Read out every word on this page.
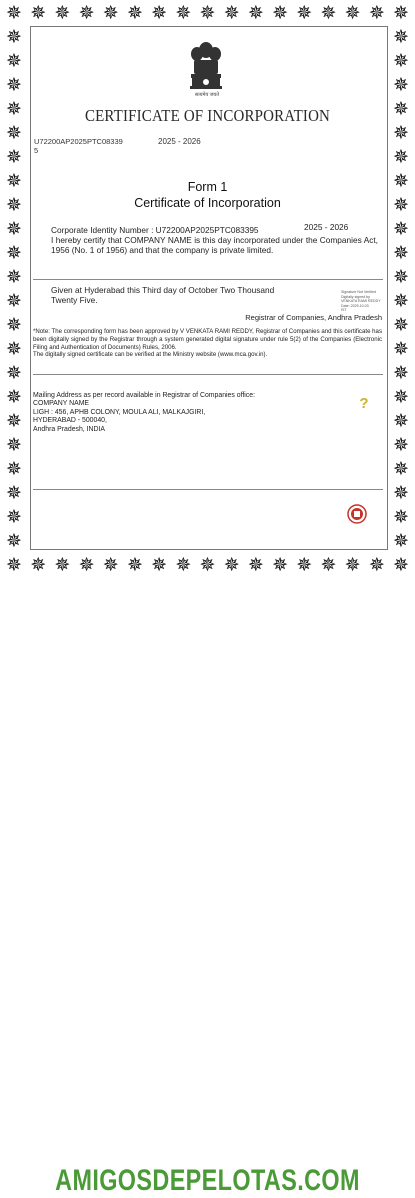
✵
✵
✵
✵
✵
✵
✵
✵
✵
✵
✵
✵
✵
✵
✵
✵
✵
✵
✵
✵
✵
✵
✵
✵
✵
✵
✵
✵
✵
✵
✵
✵
✵
✵
✵	✵
✵	✵
✵	✵
✵	✵
✵	✵
✵	✵
✵	✵
✵	✵
✵	✵
✵	✵
✵	✵
✵	✵
✵	✵
✵	✵
✵	✵
✵	✵
✵	✵
✵	✵
✵	✵
✵	✵
✵	✵
✵	✵
सत्यमेव जयते
CERTIFICATE OF INCORPORATION
U72200AP2025PTC08339
5
2025 - 2026
Form 1
Certificate of Incorporation
Corporate Identity Number : U72200AP2025PTC083395	2025 - 2026
I hereby certify that COMPANY NAME is this day incorporated under the Companies Act, 1956 (No. 1 of 1956) and that the company is private limited.
Given at Hyderabad this Third day of October Two Thousand Twenty Five.
Signature Not Verified
Digitally signed by
VENKATA RAMI REDDY
Date: 2025.10.03
IST
Registrar of Companies, Andhra Pradesh
*Note: The corresponding form has been approved by V VENKATA RAMI REDDY, Registrar of Companies and this certificate has been digitally signed by the Registrar through a system generated digital signature under rule 5(2) of the Companies (Electronic Filing and Authentication of Documents) Rules, 2006.
The digitally signed certificate can be verified at the Ministry website (www.mca.gov.in).
Mailing Address as per record available in Registrar of Companies office:
COMPANY NAME
LIGH : 456, APHB COLONY, MOULA ALI, MALKAJGIRI,
HYDERABAD - 500040,
Andhra Pradesh, INDIA
?
AMIGOSDEPELOTAS.COM
